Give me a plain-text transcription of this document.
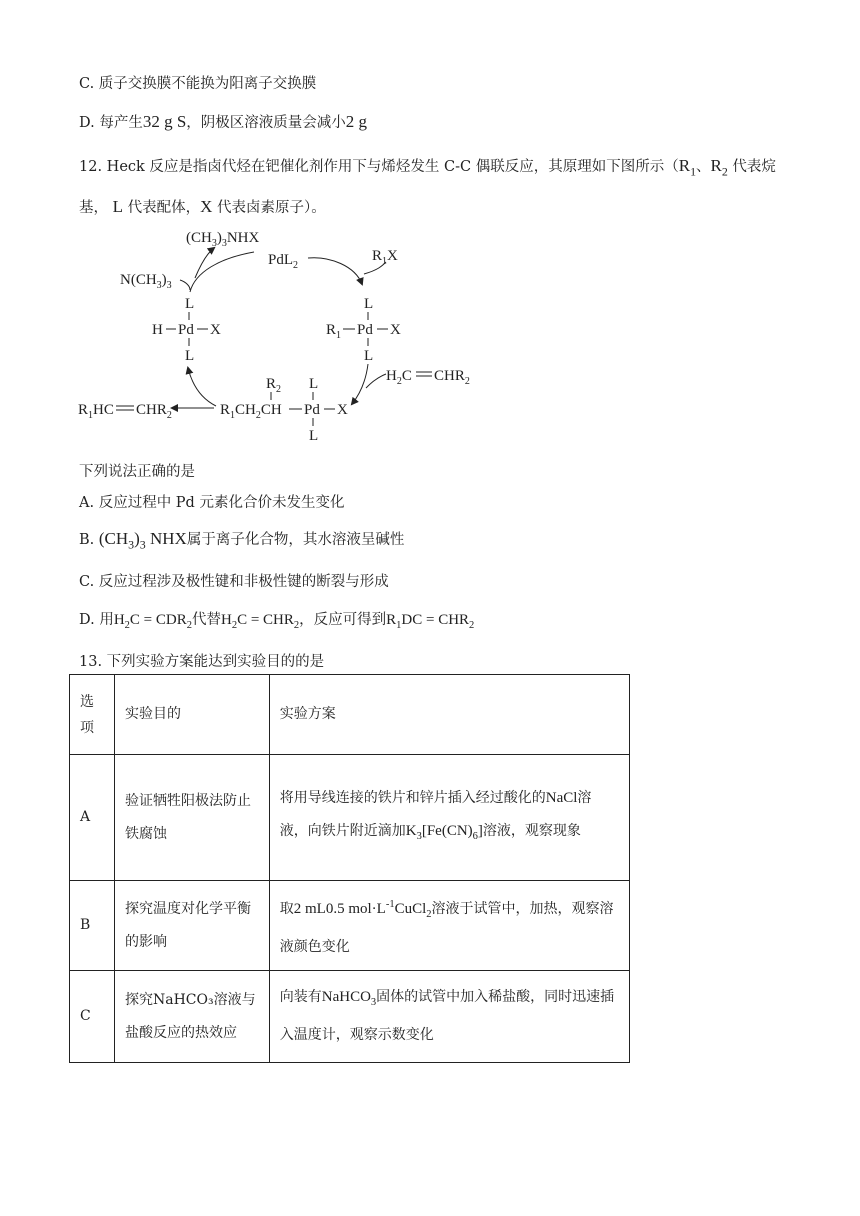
C. 质子交换膜不能换为阳离子交换膜
D. 每产生32 g S，阴极区溶液质量会减小2 g
12. Heck 反应是指卤代烃在钯催化剂作用下与烯烃发生 C-C 偶联反应，其原理如下图所示（$R_1$、$R_2$ 代表烷
基， L 代表配体，X 代表卤素原子）。
$(CH_3)_3NHX$
PdL$_2$
$N(CH_3)_3$
$R_1X$
L
H Pd X
L
L
$R_1$ Pd X
L
$H_2C$ $CHR_2$
$R_2$
$R_1CH_2CH$ Pd X
L
L
$R_1HC$ $CHR_2$
下列说法正确的是
A. 反应过程中 Pd 元素化合价未发生变化
B. $(CH_3)_3$ NHX属于离子化合物，其水溶液呈碱性
C. 反应过程涉及极性键和非极性键的断裂与形成
D. 用$H_2C = CDR_2$代替$H_2C = CHR_2$，反应可得到$R_1DC = CHR_2$
13. 下列实验方案能达到实验目的的是
选项	实验目的	实验方案
A	验证牺牲阳极法防止铁腐蚀	将用导线连接的铁片和锌片插入经过酸化的NaCl溶液，向铁片附近滴加$K_3[Fe(CN)_6]$溶液，观察现象
B	探究温度对化学平衡的影响	取2 mL0.5 $mol\cdot L^{-1}CuCl_2$溶液于试管中，加热，观察溶液颜色变化
C	探究NaHCO₃溶液与盐酸反应的热效应	向装有NaHCO$_3$固体的试管中加入稀盐酸，同时迅速插入温度计，观察示数变化
